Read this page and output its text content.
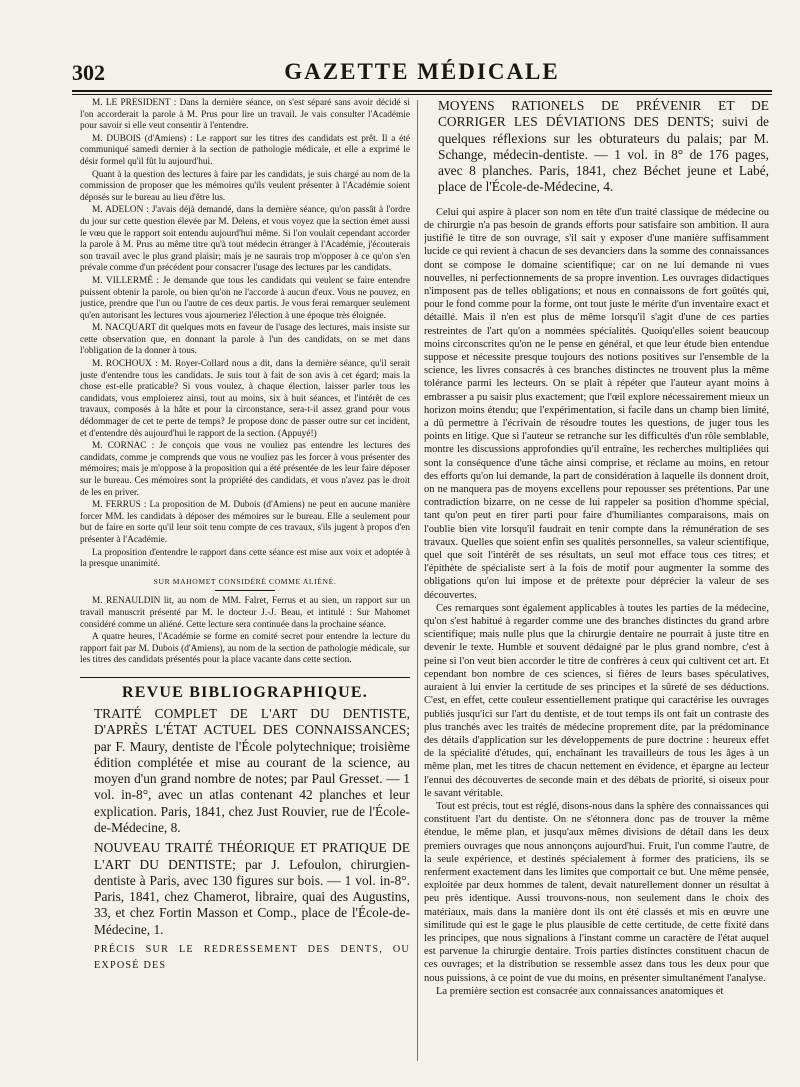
302	GAZETTE MÉDICALE

M. LE PRÉSIDENT : Dans la dernière séance, on s'est séparé sans avoir décidé si l'on accorderait la parole à M. Prus pour lire un travail. Je vais consulter l'Académie pour savoir si elle veut consentir à l'entendre.

M. DUBOIS (d'Amiens) : Le rapport sur les titres des candidats est prêt. Il a été communiqué samedi dernier à la section de pathologie médicale, et elle a exprimé le désir formel qu'il fût lu aujourd'hui.

Quant à la question des lectures à faire par les candidats, je suis chargé au nom de la commission de proposer que les mémoires qu'ils veulent présenter à l'Académie soient déposés sur le bureau au lieu d'être lus.

M. ADELON : J'avais déjà demandé, dans la dernière séance, qu'on passât à l'ordre du jour sur cette question élevée par M. Delens, et vous voyez que la section émet aussi le vœu que le rapport soit entendu aujourd'hui même. Si l'on voulait cependant accorder la parole à M. Prus au même titre qu'à tout médecin étranger à l'Académie, j'écouterais son travail avec le plus grand plaisir; mais je ne saurais trop m'opposer à ce qu'on s'en prévale comme d'un précédent pour consacrer l'usage des lectures par les candidats.

M. VILLERMÉ : Je demande que tous les candidats qui veulent se faire entendre puissent obtenir la parole, ou bien qu'on ne l'accorde à aucun d'eux. Vous ne pouvez, en justice, prendre que l'un ou l'autre de ces deux partis. Je vous ferai remarquer seulement qu'en autorisant les lectures vous ajourneriez l'élection à une époque très éloignée.

M. NACQUART dit quelques mots en faveur de l'usage des lectures, mais insiste sur cette observation que, en donnant la parole à l'un des candidats, on se met dans l'obligation de la donner à tous.

M. ROCHOUX : M. Royer-Collard nous a dit, dans la dernière séance, qu'il serait juste d'entendre tous les candidats. Je suis tout à fait de son avis à cet égard; mais la chose est-elle praticable? Si vous voulez, à chaque élection, laisser parler tous les candidats, vous emploierez ainsi, tout au moins, six à huit séances, et l'intérêt de ces travaux, composés à la hâte et pour la circonstance, sera-t-il assez grand pour vous dédommager de cet te perte de temps? Je propose donc de passer outre sur cet incident, et d'entendre dès aujourd'hui le rapport de la section. (Appuyé!)

M. CORNAC : Je conçois que vous ne vouliez pas entendre les lectures des candidats, comme je comprends que vous ne vouliez pas les forcer à vous présenter des mémoires; mais je m'oppose à la proposition qui a été présentée de les leur faire déposer sur le bureau. Ces mémoires sont la propriété des candidats, et vous n'avez pas le droit de les en priver.

M. FERRUS : La proposition de M. Dubois (d'Amiens) ne peut en aucune manière forcer MM. les candidats à déposer des mémoires sur le bureau. Elle a seulement pour but de faire en sorte qu'il leur soit tenu compte de ces travaux, s'ils jugent à propos d'en présenter à l'Académie.

La proposition d'entendre le rapport dans cette séance est mise aux voix et adoptée à la presque unanimité.

SUR MAHOMET CONSIDÉRÉ COMME ALIÉNÉ.

M. RENAULDIN lit, au nom de MM. Falret, Ferrus et au sien, un rapport sur un travail manuscrit présenté par M. le docteur J.-J. Beau, et intitulé : Sur Mahomet considéré comme un aliéné. Cette lecture sera continuée dans la prochaine séance.

A quatre heures, l'Académie se forme en comité secret pour entendre la lecture du rapport fait par M. Dubois (d'Amiens), au nom de la section de pathologie médicale, sur les titres des candidats présentés pour la place vacante dans cette section.

REVUE BIBLIOGRAPHIQUE.

TRAITÉ COMPLET DE L'ART DU DENTISTE, D'APRÈS L'ÉTAT ACTUEL DES CONNAISSANCES; par F. Maury, dentiste de l'École polytechnique; troisième édition complétée et mise au courant de la science, au moyen d'un grand nombre de notes; par Paul Gresset. — 1 vol. in-8°, avec un atlas contenant 42 planches et leur explication. Paris, 1841, chez Just Rouvier, rue de l'École-de-Médecine, 8.

NOUVEAU TRAITÉ THÉORIQUE ET PRATIQUE DE L'ART DU DENTISTE; par J. Lefoulon, chirurgien-dentiste à Paris, avec 130 figures sur bois. — 1 vol. in-8°. Paris, 1841, chez Chamerot, libraire, quai des Augustins, 33, et chez Fortin Masson et Comp., place de l'École-de-Médecine, 1.

PRÉCIS SUR LE REDRESSEMENT DES DENTS, OU EXPOSÉ DES

MOYENS RATIONELS DE PRÉVENIR ET DE CORRIGER LES DÉVIATIONS DES DENTS; suivi de quelques réflexions sur les obturateurs du palais; par M. Schange, médecin-dentiste. — 1 vol. in 8° de 176 pages, avec 8 planches. Paris, 1841, chez Béchet jeune et Labé, place de l'École-de-Médecine, 4.

Celui qui aspire à placer son nom en tête d'un traité classique de médecine ou de chirurgie n'a pas besoin de grands efforts pour satisfaire son ambition. Il aura justifié le titre de son ouvrage, s'il sait y exposer d'une manière suffisamment lucide ce qui revient à chacun de ses devanciers dans la somme des connaissances dont se compose le domaine scientifique; car on ne lui demande ni vues nouvelles, ni perfectionnements de sa propre invention. Les ouvrages didactiques n'imposent pas de telles obligations; et nous en connaissons de fort goûtés qui, pour le fond comme pour la forme, ont tout juste le mérite d'un inventaire exact et détaillé. Mais il n'en est plus de même lorsqu'il s'agit d'une de ces parties restreintes de l'art qu'on a nommées spécialités. Quoiqu'elles soient beaucoup moins circonscrites qu'on ne le pense en général, et que leur étude bien entendue suppose et nécessite presque toujours des notions positives sur l'ensemble de la science, les livres consacrés à ces branches distinctes ne trouvent plus la même tolérance parmi les lecteurs. On se plaît à répéter que l'auteur ayant moins à embrasser a pu saisir plus exactement; que l'œil explore nécessairement mieux un horizon moins étendu; que l'expérimentation, si facile dans un champ bien limité, a dû permettre à l'écrivain de résoudre toutes les questions, de juger tous les points en litige. Que si l'auteur se retranche sur les difficultés d'un rôle semblable, montre les discussions approfondies qu'il entraîne, les recherches multipliées qui sont la conséquence d'une tâche ainsi comprise, et réclame au moins, en retour des efforts qu'on lui demande, la part de considération à laquelle ils donnent droit, on ne manquera pas de moyens excellens pour repousser ses prétentions. Par une contradiction bizarre, on ne cesse de lui rappeler sa position d'homme spécial, tant qu'on peut en tirer parti pour faire d'humiliantes comparaisons, mais on l'oublie bien vite lorsqu'il faudrait en tenir compte dans la rémunération de ses travaux. Quelles que soient enfin ses qualités personnelles, sa valeur scientifique, quel que soit l'intérêt de ses résultats, un seul mot efface tous ces titres; et l'épithète de spécialiste sert à la fois de motif pour augmenter la somme des obligations qu'on lui impose et de prétexte pour déprécier la valeur de ses découvertes.

Ces remarques sont également applicables à toutes les parties de la médecine, qu'on s'est habitué à regarder comme une des branches distinctes du grand arbre scientifique; mais nulle plus que la chirurgie dentaire ne pourrait à juste titre en devenir le texte. Humble et souvent dédaigné par le plus grand nombre, c'est à peine si l'on veut bien accorder le titre de confrères à ceux qui cultivent cet art. Et cependant bon nombre de ces sciences, si fières de leurs bases spéculatives, auraient à lui envier la certitude de ses principes et la sûreté de ses déductions. C'est, en effet, cette couleur essentiellement pratique qui caractérise les ouvrages publiés jusqu'ici sur l'art du dentiste, et de tout temps ils ont fait un contraste des plus tranchés avec les traités de médecine proprement dite, par la prédominance des détails d'application sur les développements de pure doctrine : heureux effet de la spécialité d'études, qui, enchaînant les travailleurs de tous les âges à un même plan, met les titres de chacun nettement en évidence, et épargne au lecteur l'ennui des découvertes de seconde main et des débats de priorité, si oiseux pour le savant véritable.

Tout est précis, tout est réglé, disons-nous dans la sphère des connaissances qui constituent l'art du dentiste. On ne s'étonnera donc pas de trouver la même étendue, le même plan, et jusqu'aux mêmes divisions de détail dans les deux premiers ouvrages que nous annonçons aujourd'hui. Fruit, l'un comme l'autre, de la seule expérience, et destinés spécialement à former des praticiens, ils se renferment exactement dans les limites que comportait ce but. Une même pensée, exploitée par deux hommes de talent, devait naturellement donner un résultat à peu près identique. Aussi trouvons-nous, non seulement dans le choix des matériaux, mais dans la manière dont ils ont été classés et mis en œuvre une similitude qui est le gage le plus plausible de cette certitude, de cette fixité dans les principes, que nous signalions à l'instant comme un caractère de l'état auquel est parvenue la chirurgie dentaire. Trois parties distinctes constituent chacun de ces ouvrages; et la distribution se ressemble assez dans tous les deux pour que nous puissions, à ce point de vue du moins, en présenter simultanément l'analyse.

La première section est consacrée aux connaissances anatomiques et
